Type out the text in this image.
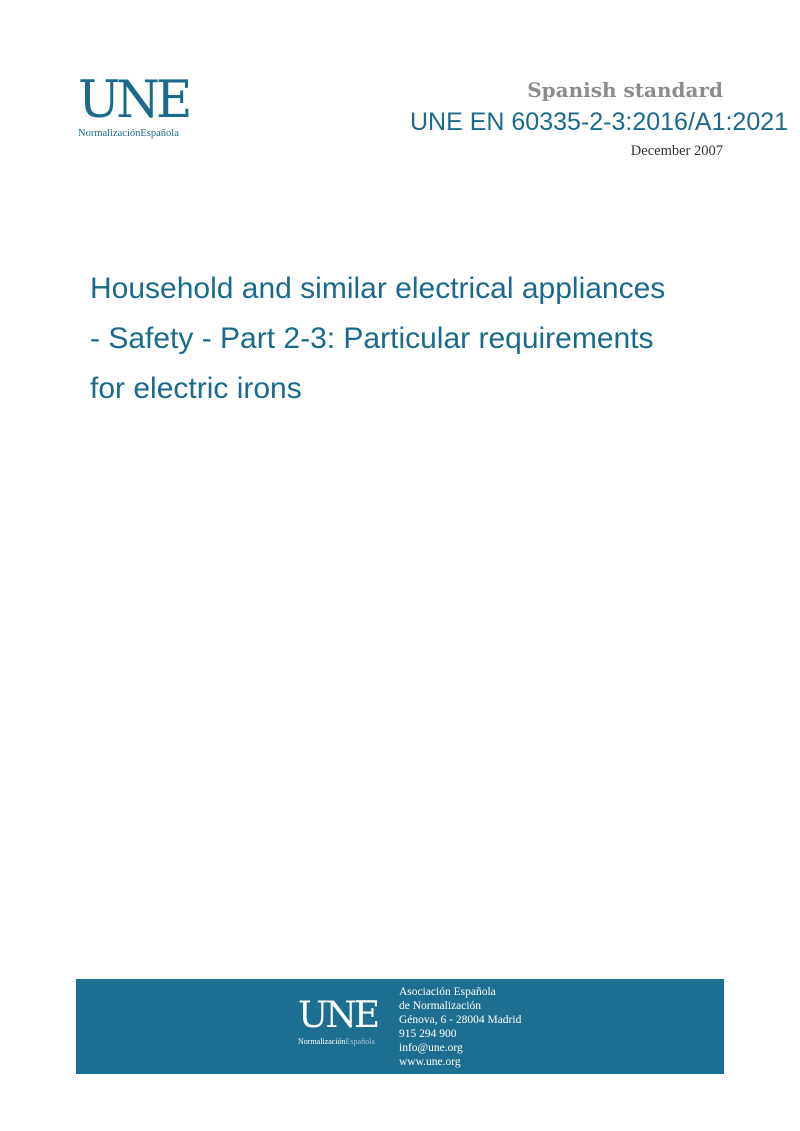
UNE
NormalizaciónEspañola
Spanish standard
UNE EN 60335-2-3:2016/A1:2021
December 2007
Household and similar electrical appliances
- Safety - Part 2-3: Particular requirements
for electric irons
UNE
NormalizaciónEspañola
Asociación Española
de Normalización
Génova, 6 - 28004 Madrid
915 294 900
info@une.org
www.une.org
